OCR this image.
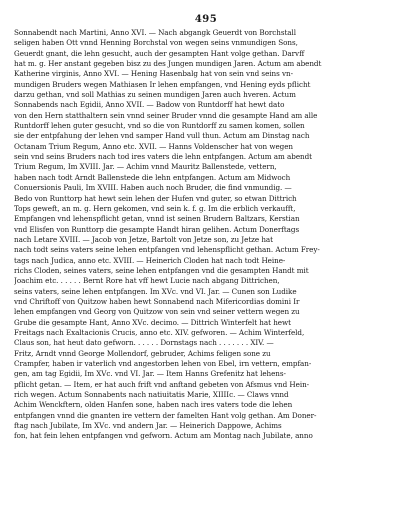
495
Sonnabendt nach Martini, Anno XVI. — Nach abgangk Geuerdt von Borchstall
seligen haben Ott vnnd Henning Borchstal von wegen seins vnmundigen Sons,
Geuerdt gnant, die lehn gesucht, auch der gesampten Hant volge gethan. Darvff
hat m. g. Her anstant gegeben bisz zu des Jungen mundigen Jaren. Actum am abendt
Katherine virginis, Anno XVI. — Hening Hasenbalg hat von sein vnd seins vn-
mundigen Bruders wegen Mathiasen Ir lehen empfangen, vnd Hening eyds pflicht
darzu gethan, vnd soll Mathias zu seinen mundigen Jaren auch hveren. Actum
Sonnabends nach Egidii, Anno XVII. — Badow von Runtdorff hat hewt dato
von den Hern statthaltern sein vnnd seiner Bruder vnnd die gesampte Hand am alle
Runtdorff lehen guter gesucht, vnd so die von Runtdorff zu samen komen, sollen
sie der entpfahung der lehen vnd samper Hand vull thun. Actum am Dinstag nach
Octanam Trium Regum, Anno etc. XVII. — Hanns Voldenscher hat von wegen
sein vnd seins Bruders nach tod ires vaters die lehn entpfangen. Actum am abendt
Trium Regum, Im XVIII. Jar. — Achim vnnd Mauritz Ballenstede, vettern,
haben nach todt Arndt Ballenstede die lehn entpfangen. Actum am Midwoch
Conuersionis Pauli, Im XVIII. Haben auch noch Bruder, die find vnmundig. —
Bedo von Runttorp hat hewt sein lehen der Hufen vnd guter, so etwan Dittrich
Tops geweft, an m. g. Hern gekomen, vnd sein k. f. g. Im die erblich verkaufft,
Empfangen vnd lehenspflicht getan, vnnd ist seinen Brudern Baltzars, Kerstian
vnd Elisfen von Runttorp die gesampte Handt hiran gelihen. Actum Donerftags
nach Letare XVIII. — Jacob von Jetze, Bartolt von Jetze son, zu Jetze hat
nach todt seins vaters seine lehen entpfangen vnd lehenspflicht gethan. Actum Frey-
tags nach Judica, anno etc. XVIII. — Heinerich Cloden hat nach todt Heine-
richs Cloden, seines vaters, seine lehen entpfangen vnd die gesampten Handt mit
Joachim etc. . . . . . Bernt Rore hat vff hewt Lucie nach abgang Dittrichen,
seins vaters, seine lehen entpfangen. Im XVc. vnd VI. Jar. — Cunen son Ludike
vnd Chriftoff von Quitzow haben hewt Sonnabend nach Mifericordias domini Ir
lehen empfangen vnd Georg von Quitzow von sein vnd seiner vettern wegen zu
Grube die gesampte Hant, Anno XVc. decimo. — Dittrich Winterfelt hat hewt
Freitags nach Exaltacionis Crucis, anno etc. XIV. gefworen. — Achim Winterfeld,
Claus son, hat heut dato gefworn. . . . . . Dornstags nach . . . . . . . XIV. —
Fritz, Arndt vnnd George Mollendorf, gebruder, Achims feligen sone zu
Crampfer, haben ir vaterlich vnd angestorben lehen von Ebel, irn vettern, empfan-
gen, am tag Egidii, Im XVc. vnd VI. Jar. — Item Hanns Grefenitz hat lehens-
pflicht getan. — Item, er hat auch frift vnd anftand gebeten von Afsmus vnd Hein-
rich wegen. Actum Sonnabents nach natiuitatis Marie, XIIIIc. — Claws vnnd
Achim Wenckftern, olden Hanfen sone, haben nach ires vaters tode die lehen
entpfangen vnnd die gnanten ire vettern der famelten Hant volg gethan. Am Doner-
ftag nach Jubilate, Im XVc. vnd andern Jar. — Heinerich Dappowe, Achims
fon, hat fein lehen entpfangen vnd gefworn. Actum am Montag nach Jubilate, anno
